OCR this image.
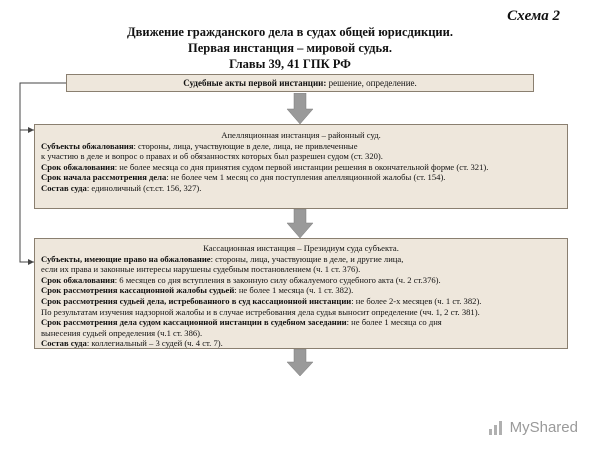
Схема 2
Движение гражданского дела в судах общей юрисдикции.
Первая инстанция – мировой судья.
Главы 39, 41 ГПК РФ
Судебные акты первой инстанции: решение, определение.
Апелляционная инстанция – районный суд.
Субъекты обжалования: стороны, лица, участвующие в деле, лица, не привлеченные
к участию в деле и вопрос о правах и об обязанностях которых был разрешен судом (ст. 320).
Срок обжалования: не более месяца со дня принятия судом первой инстанции решения в окончательной форме (ст. 321).
Срок начала рассмотрения дела: не более чем 1 месяц со дня поступления апелляционной жалобы (ст. 154).
Состав суда: единоличный (ст.ст. 156, 327).
Кассационная инстанция – Президиум суда субъекта.
Субъекты, имеющие право на обжалование: стороны, лица, участвующие в деле, и другие лица,
если их права и законные интересы нарушены судебным постановлением (ч. 1 ст. 376).
Срок обжалования: 6 месяцев со дня вступления в законную силу обжалуемого судебного акта (ч. 2 ст.376).
Срок рассмотрения кассационной жалобы судьей: не более 1 месяца (ч. 1 ст. 382).
Срок рассмотрения судьей дела, истребованного в суд кассационной инстанции: не более 2-х месяцев (ч. 1 ст. 382).
По результатам изучения надзорной жалобы и в случае истребования дела судья выносит определение (чч. 1, 2 ст. 381).
Срок рассмотрения дела судом кассационной инстанции в судебном заседании: не более 1 месяца со дня
вынесения судьей определения (ч.1 ст. 386).
Состав суда: коллегиальный – 3 судей (ч. 4 ст. 7).
MyShared
